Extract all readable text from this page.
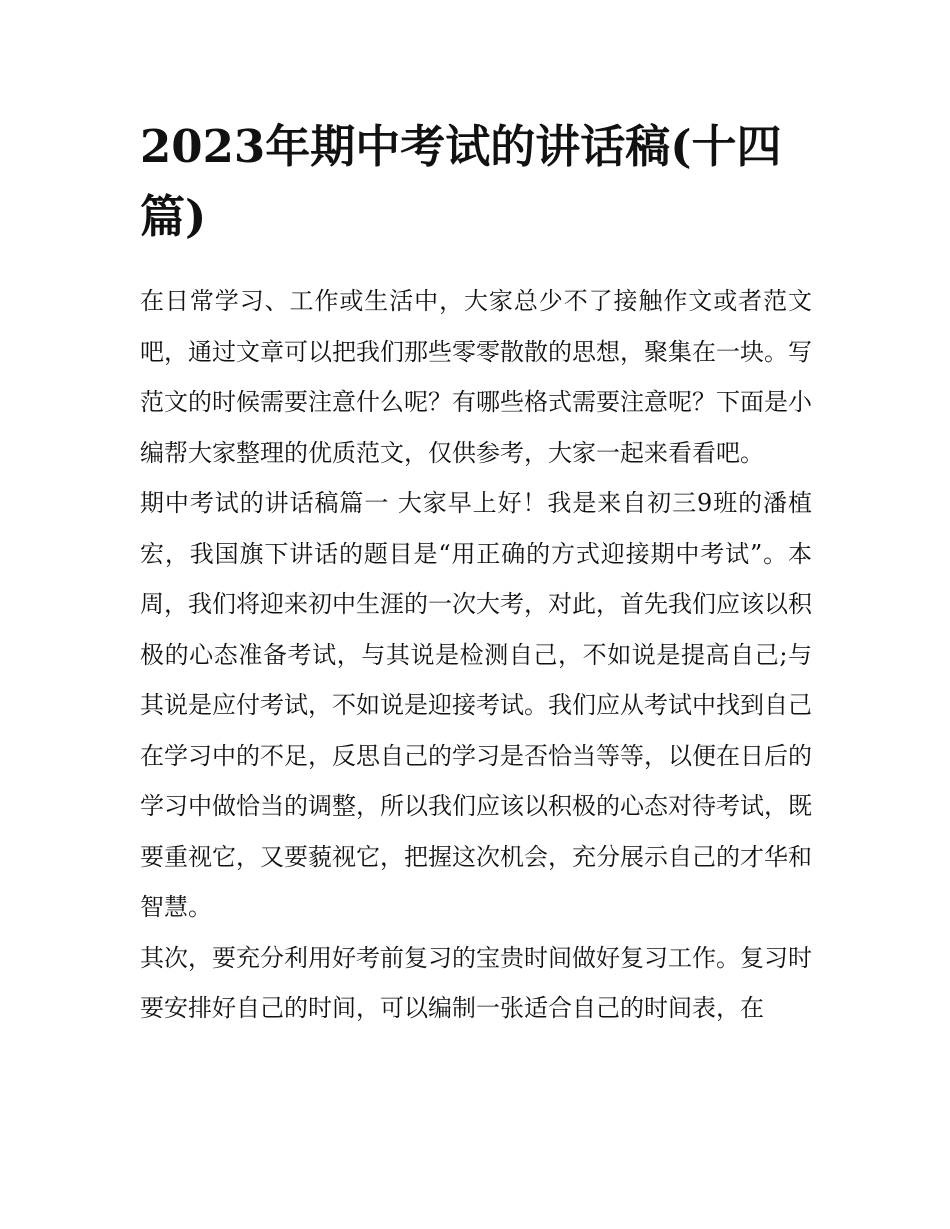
2023年期中考试的讲话稿(十四篇)

在日常学习、工作或生活中，大家总少不了接触作文或者范文吧，通过文章可以把我们那些零零散散的思想，聚集在一块。写范文的时候需要注意什么呢？有哪些格式需要注意呢？下面是小编帮大家整理的优质范文，仅供参考，大家一起来看看吧。

期中考试的讲话稿篇一 大家早上好！我是来自初三9班的潘植宏，我国旗下讲话的题目是“用正确的方式迎接期中考试”。本周，我们将迎来初中生涯的一次大考，对此，首先我们应该以积极的心态准备考试，与其说是检测自己，不如说是提高自己;与其说是应付考试，不如说是迎接考试。我们应从考试中找到自己在学习中的不足，反思自己的学习是否恰当等等，以便在日后的学习中做恰当的调整，所以我们应该以积极的心态对待考试，既要重视它，又要藐视它，把握这次机会，充分展示自己的才华和智慧。

其次，要充分利用好考前复习的宝贵时间做好复习工作。复习时要安排好自己的时间，可以编制一张适合自己的时间表，在
